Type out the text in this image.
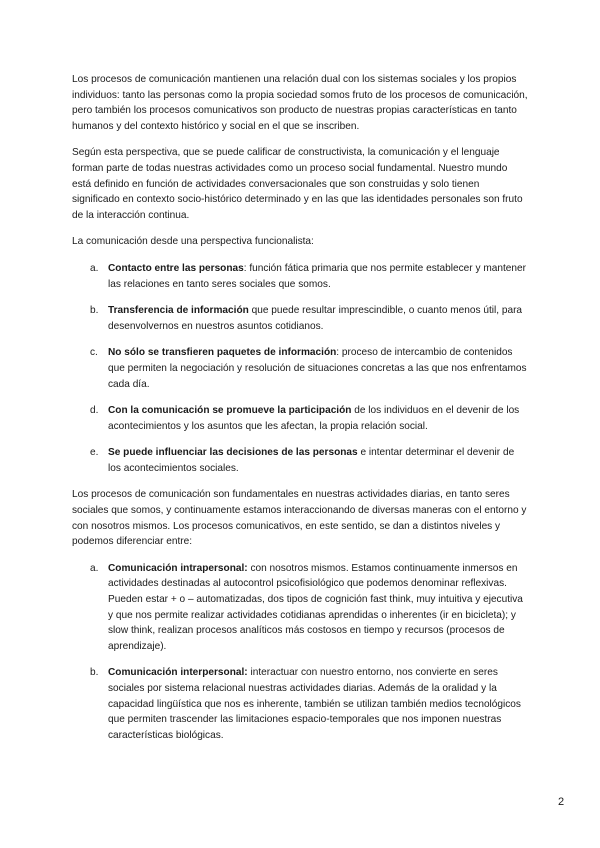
Los procesos de comunicación mantienen una relación dual con los sistemas sociales y los propios individuos: tanto las personas como la propia sociedad somos fruto de los procesos de comunicación, pero también los procesos comunicativos son producto de nuestras propias características en tanto humanos y del contexto histórico y social en el que se inscriben.

Según esta perspectiva, que se puede calificar de constructivista, la comunicación y el lenguaje forman parte de todas nuestras actividades como un proceso social fundamental. Nuestro mundo está definido en función de actividades conversacionales que son construidas y solo tienen significado en contexto socio-histórico determinado y en las que las identidades personales son fruto de la interacción continua.

La comunicación desde una perspectiva funcionalista:

a. Contacto entre las personas: función fática primaria que nos permite establecer y mantener las relaciones en tanto seres sociales que somos.
b. Transferencia de información que puede resultar imprescindible, o cuanto menos útil, para desenvolvernos en nuestros asuntos cotidianos.
c. No sólo se transfieren paquetes de información: proceso de intercambio de contenidos que permiten la negociación y resolución de situaciones concretas a las que nos enfrentamos cada día.
d. Con la comunicación se promueve la participación de los individuos en el devenir de los acontecimientos y los asuntos que les afectan, la propia relación social.
e. Se puede influenciar las decisiones de las personas e intentar determinar el devenir de los acontecimientos sociales.

Los procesos de comunicación son fundamentales en nuestras actividades diarias, en tanto seres sociales que somos, y continuamente estamos interaccionando de diversas maneras con el entorno y con nosotros mismos. Los procesos comunicativos, en este sentido, se dan a distintos niveles y podemos diferenciar entre:

a. Comunicación intrapersonal: con nosotros mismos. Estamos continuamente inmersos en actividades destinadas al autocontrol psicofisiológico que podemos denominar reflexivas. Pueden estar + o – automatizadas, dos tipos de cognición fast think, muy intuitiva y ejecutiva y que nos permite realizar actividades cotidianas aprendidas o inherentes (ir en bicicleta); y slow think, realizan procesos analíticos más costosos en tiempo y recursos (procesos de aprendizaje).
b. Comunicación interpersonal: interactuar con nuestro entorno, nos convierte en seres sociales por sistema relacional nuestras actividades diarias. Además de la oralidad y la capacidad lingüística que nos es inherente, también se utilizan también medios tecnológicos que permiten trascender las limitaciones espacio-temporales que nos imponen nuestras características biológicas.
2
